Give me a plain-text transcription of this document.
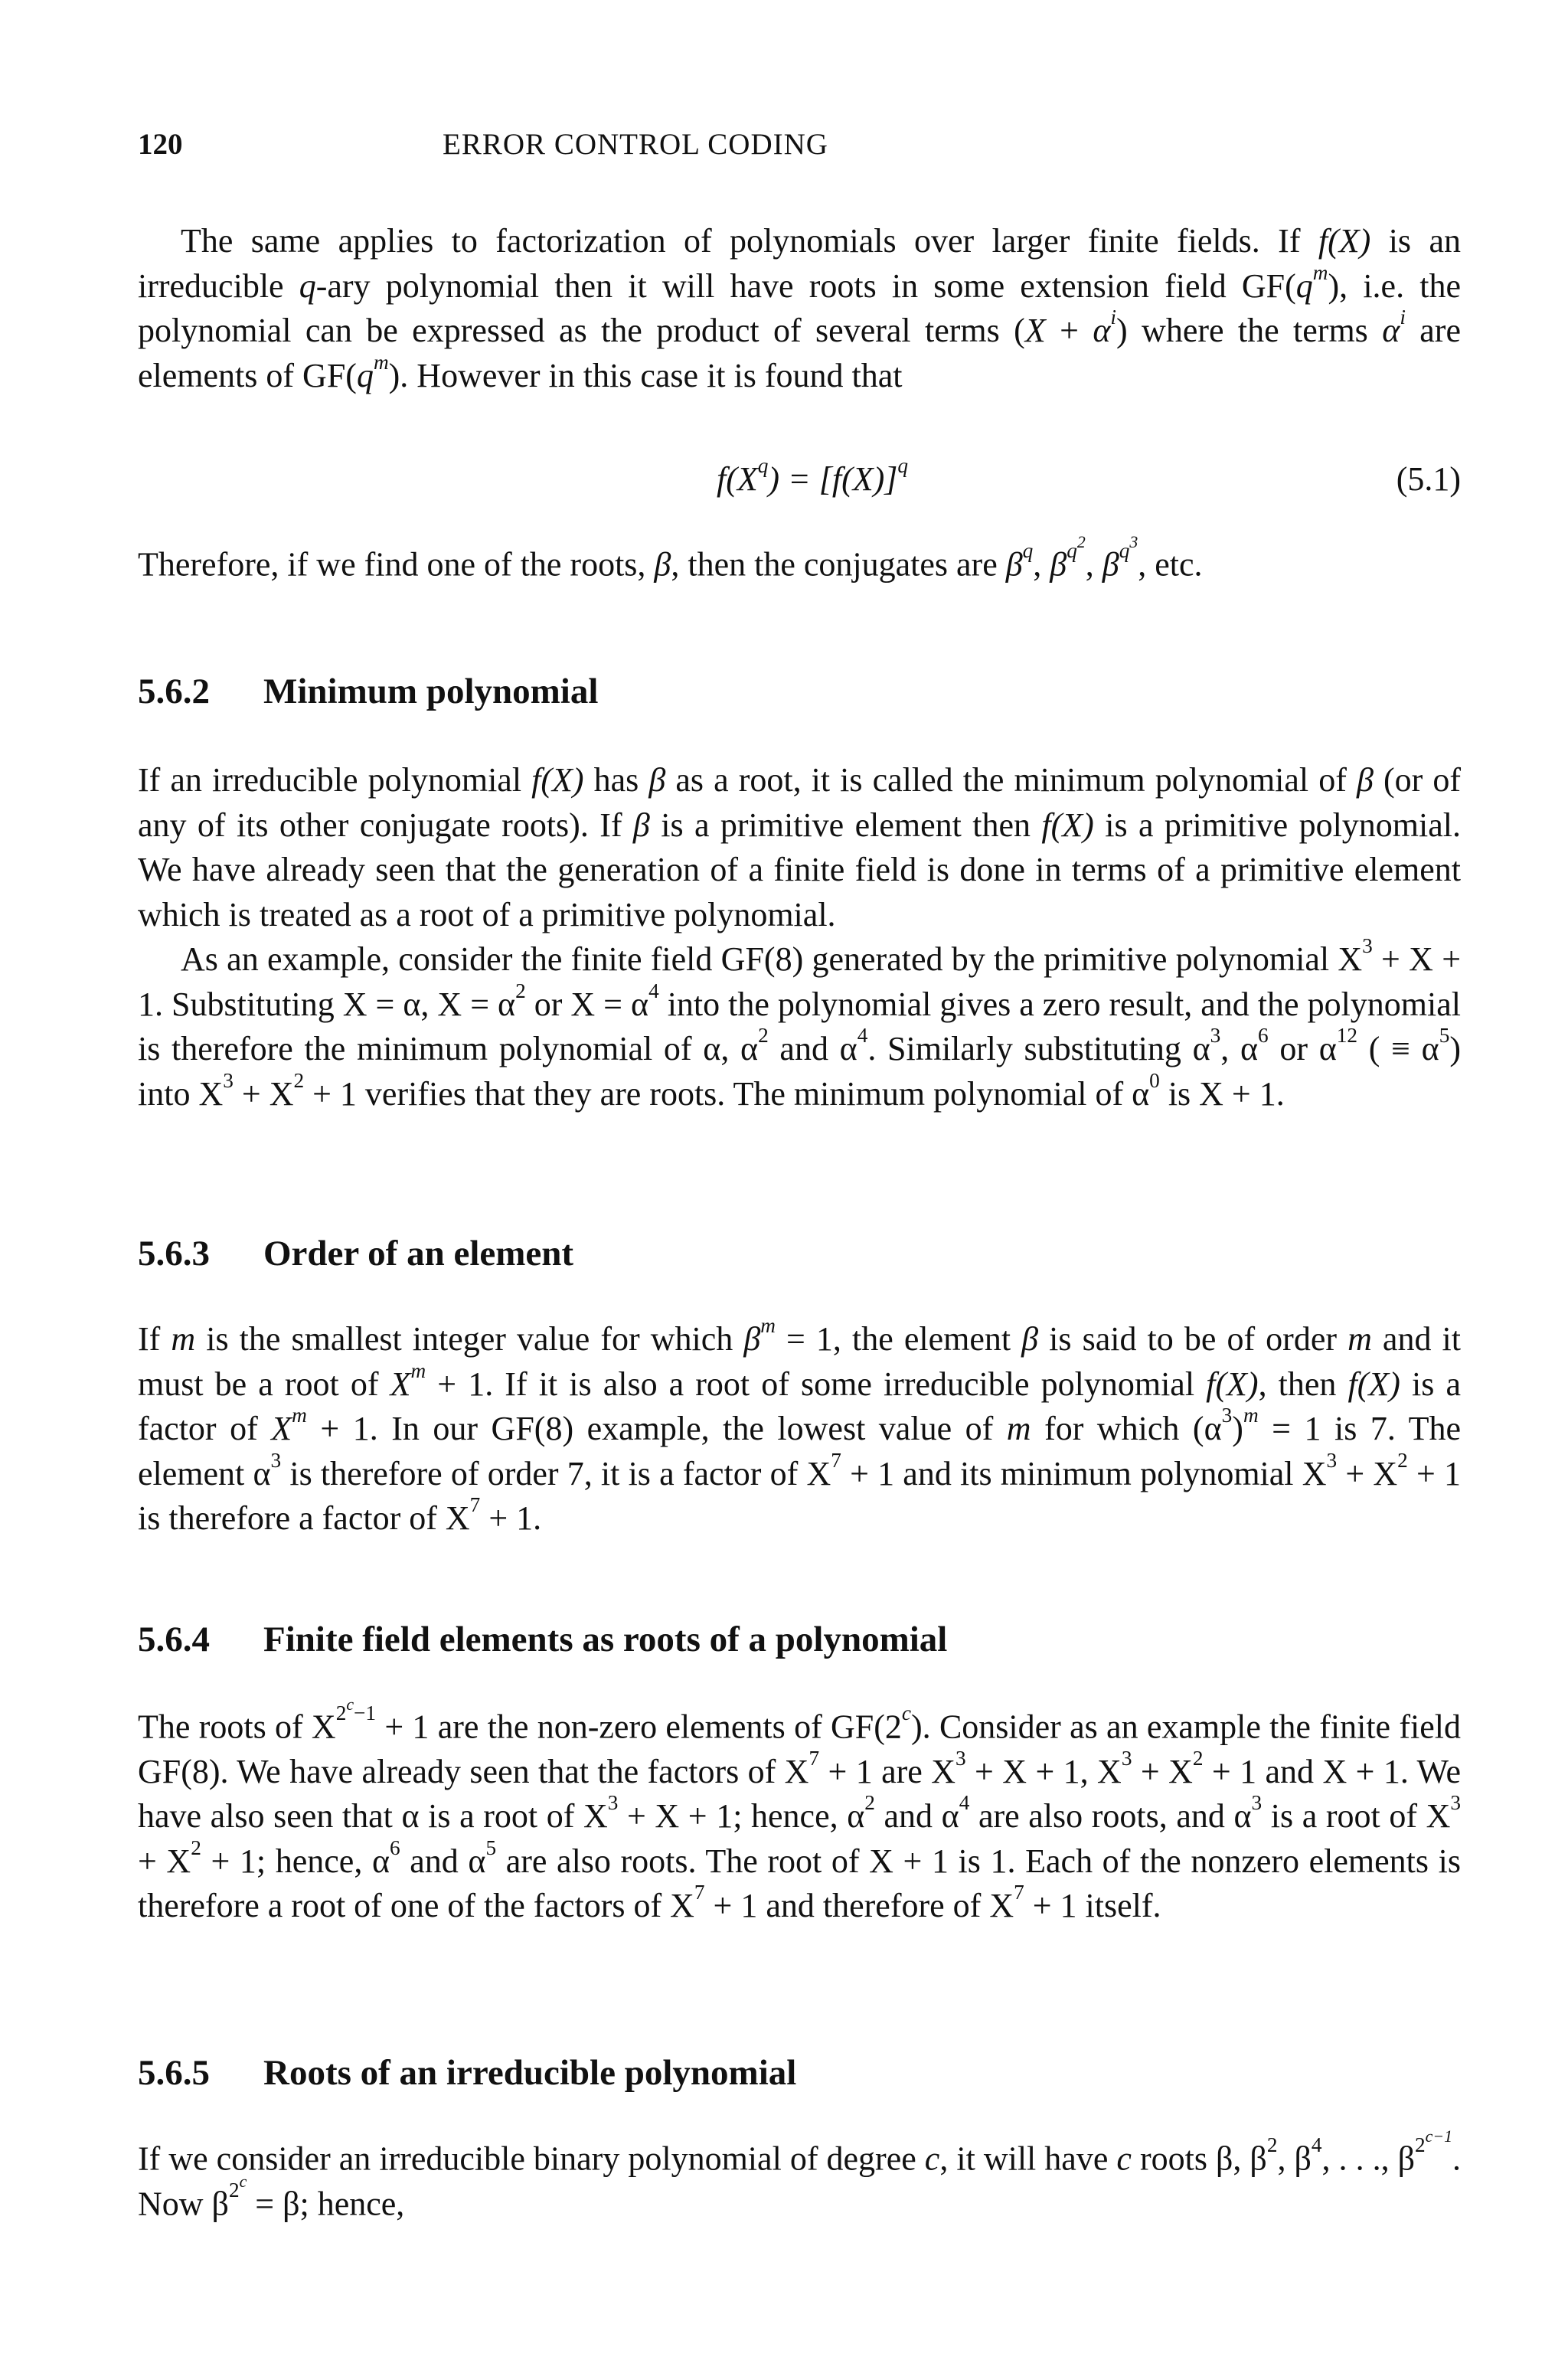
120	ERROR CONTROL CODING

The same applies to factorization of polynomials over larger finite fields. If f(X) is an irreducible q-ary polynomial then it will have roots in some extension field $GF(q^m)$, i.e. the polynomial can be expressed as the product of several terms $(X + \alpha^i)$ where the terms $\alpha^i$ are elements of $GF(q^m)$. However in this case it is found that

$f(X^q) = [f(X)]^q$	(5.1)

Therefore, if we find one of the roots, β, then the conjugates are $\beta^q$, $\beta^{q^2}$, $\beta^{q^3}$, etc.

5.6.2 Minimum polynomial

If an irreducible polynomial f(X) has β as a root, it is called the minimum polynomial of β (or of any of its other conjugate roots). If β is a primitive element then f(X) is a primitive polynomial. We have already seen that the generation of a finite field is done in terms of a primitive element which is treated as a root of a primitive polynomial.

As an example, consider the finite field GF(8) generated by the primitive polynomial $X^3 + X + 1$. Substituting X = α, $X = \alpha^2$ or $X = \alpha^4$ into the polynomial gives a zero result, and the polynomial is therefore the minimum polynomial of α, $\alpha^2$ and $\alpha^4$. Similarly substituting $\alpha^3$, $\alpha^6$ or $\alpha^{12}$ ( ≡ $\alpha^5$) into $X^3 + X^2 + 1$ verifies that they are roots. The minimum polynomial of $\alpha^0$ is X + 1.

5.6.3 Order of an element

If m is the smallest integer value for which $\beta^m = 1$, the element β is said to be of order m and it must be a root of $X^m + 1$. If it is also a root of some irreducible polynomial f(X), then f(X) is a factor of $X^m + 1$. In our GF(8) example, the lowest value of m for which $(\alpha^3)^m = 1$ is 7. The element $\alpha^3$ is therefore of order 7, it is a factor of $X^7 + 1$ and its minimum polynomial $X^3 + X^2 + 1$ is therefore a factor of $X^7 + 1$.

5.6.4 Finite field elements as roots of a polynomial

The roots of $X^{2^c-1} + 1$ are the non-zero elements of GF(2$^c$). Consider as an example the finite field GF(8). We have already seen that the factors of $X^7 + 1$ are $X^3 + X + 1$, $X^3 + X^2 + 1$ and X + 1. We have also seen that α is a root of $X^3 + X + 1$; hence, $\alpha^2$ and $\alpha^4$ are also roots, and $\alpha^3$ is a root of $X^3 + X^2 + 1$; hence, $\alpha^6$ and $\alpha^5$ are also roots. The root of X + 1 is 1. Each of the nonzero elements is therefore a root of one of the factors of $X^7 + 1$ and therefore of $X^7 + 1$ itself.

5.6.5 Roots of an irreducible polynomial

If we consider an irreducible binary polynomial of degree c, it will have c roots β, $\beta^2$, $\beta^4$, . . ., $\beta^{2^{c-1}}$. Now $\beta^{2^c} = \beta$; hence,
